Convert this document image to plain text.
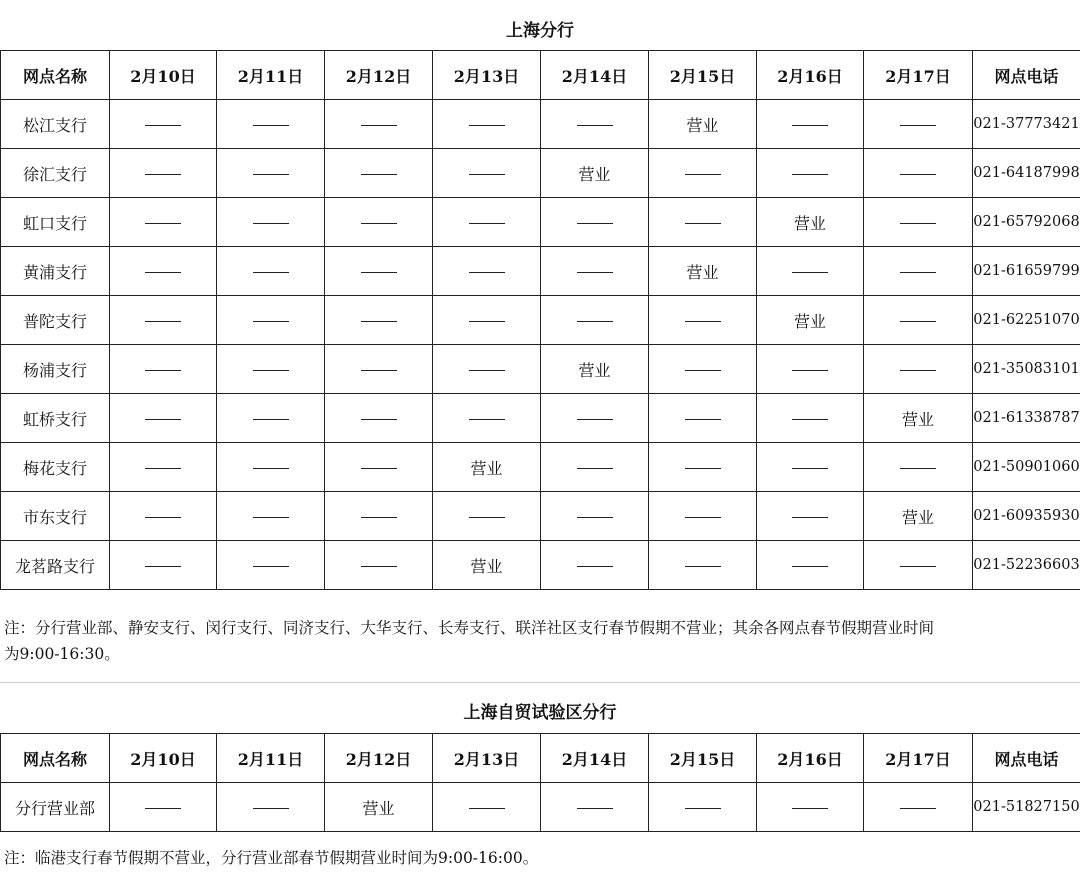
上海分行
网点名称	2月10日	2月11日	2月12日	2月13日	2月14日	2月15日	2月16日	2月17日	网点电话
松江支行						营业			021-37773421
徐汇支行					营业				021-64187998
虹口支行							营业		021-65792068
黄浦支行						营业			021-61659799
普陀支行							营业		021-62251070
杨浦支行					营业				021-35083101
虹桥支行								营业	021-61338787
梅花支行				营业					021-50901060
市东支行								营业	021-60935930
龙茗路支行				营业					021-52236603
注：分行营业部、静安支行、闵行支行、同济支行、大华支行、长寿支行、联洋社区支行春节假期不营业；其余各网点春节假期营业时间
为9:00-16:30。
上海自贸试验区分行
网点名称	2月10日	2月11日	2月12日	2月13日	2月14日	2月15日	2月16日	2月17日	网点电话
分行营业部			营业						021-51827150
注：临港支行春节假期不营业，分行营业部春节假期营业时间为9:00-16:00。
